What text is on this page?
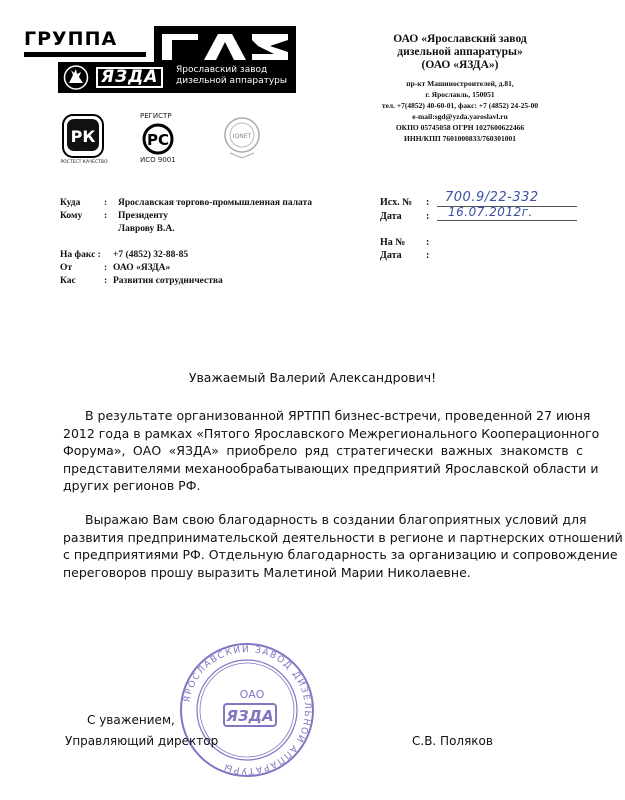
ГРУППА
ЯЗДА	Ярославский завод
дизельной аппаратуры
РК
РОСТЕСТ КАЧЕСТВО
РЕГИСТР
РС
ИСО 9001
IQNET
ОАО «Ярославский завод
дизельной аппаратуры»
(ОАО «ЯЗДА»)
пр-кт Машиностроителей, д.81,
г. Ярославль, 150051
тел. +7(4852) 40-60-01, факс: +7 (4852) 24-25-00
e-mail:sgd@yzda.yaroslavl.ru
ОКПО 05745058 ОГРН 1027600622466
ИНН/КПП 7601000833/760301001
Куда : Ярославская торгово-промышленная палата
Кому : Президенту
Лаврову В.А.
На факс : +7 (4852) 32-88-85
От	: ОАО «ЯЗДА»
Кас	: Развития сотрудничества
Исх. № : 700.9/22-332
Дата : 16.07.2012г.
На № :
Дата :
Уважаемый Валерий Александрович!
В результате организованной ЯРТПП бизнес-встречи, проведенной 27 июня
2012 года в рамках «Пятого Ярославского Межрегионального Кооперационного
Форума», ОАО «ЯЗДА» приобрело ряд стратегически важных знакомств с
представителями механообрабатывающих предприятий Ярославской области и
других регионов РФ.
Выражаю Вам свою благодарность в создании благоприятных условий для
развития предпринимательской деятельности в регионе и партнерских отношений
с предприятиями РФ. Отдельную благодарность за организацию и сопровождение
переговоров прошу выразить Малетиной Марии Николаевне.
ЯРОСЛАВСКИЙ ЗАВОД ДИЗЕЛЬНОЙ АППАРАТУРЫ
ОАО
ЯЗДА
С уважением,
Управляющий директор	С.В. Поляков
